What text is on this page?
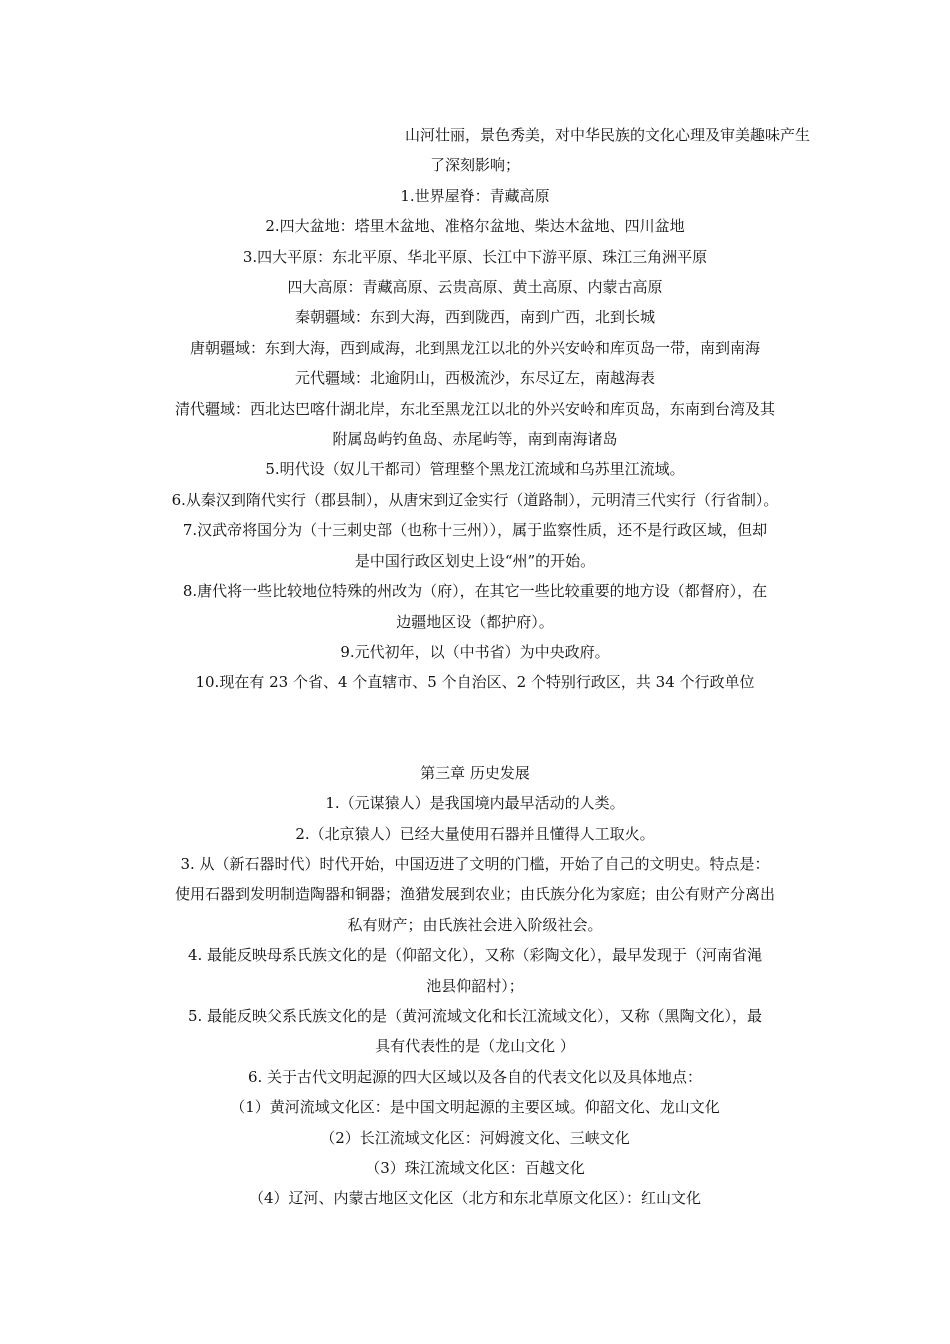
山河壮丽，景色秀美，对中华民族的文化心理及审美趣味产生
了深刻影响；
1.世界屋脊：青藏高原
2.四大盆地：塔里木盆地、准格尔盆地、柴达木盆地、四川盆地
3.四大平原：东北平原、华北平原、长江中下游平原、珠江三角洲平原
四大高原：青藏高原、云贵高原、黄土高原、内蒙古高原
秦朝疆域：东到大海，西到陇西，南到广西，北到长城
唐朝疆域：东到大海，西到咸海，北到黑龙江以北的外兴安岭和库页岛一带，南到南海
元代疆域：北逾阴山，西极流沙，东尽辽左，南越海表
清代疆域：西北达巴喀什湖北岸，东北至黑龙江以北的外兴安岭和库页岛，东南到台湾及其
附属岛屿钓鱼岛、赤尾屿等，南到南海诸岛
5.明代设（奴儿干都司）管理整个黑龙江流域和乌苏里江流域。
6.从秦汉到隋代实行（郡县制），从唐宋到辽金实行（道路制），元明清三代实行（行省制）。
7.汉武帝将国分为（十三刺史部（也称十三州）），属于监察性质，还不是行政区域，但却
是中国行政区划史上设“州”的开始。
8.唐代将一些比较地位特殊的州改为（府），在其它一些比较重要的地方设（都督府），在
边疆地区设（都护府）。
9.元代初年，以（中书省）为中央政府。
10.现在有 23 个省、4 个直辖市、5 个自治区、2 个特别行政区，共 34 个行政单位
第三章 历史发展
1.（元谋猿人）是我国境内最早活动的人类。
2.（北京猿人）已经大量使用石器并且懂得人工取火。
3. 从（新石器时代）时代开始，中国迈进了文明的门槛，开始了自己的文明史。特点是：
使用石器到发明制造陶器和铜器；渔猎发展到农业；由氏族分化为家庭；由公有财产分离出
私有财产；由氏族社会进入阶级社会。
4. 最能反映母系氏族文化的是（仰韶文化），又称（彩陶文化），最早发现于（河南省渑
池县仰韶村）；
5. 最能反映父系氏族文化的是（黄河流域文化和长江流域文化），又称（黑陶文化），最
具有代表性的是（龙山文化 ）
6. 关于古代文明起源的四大区域以及各自的代表文化以及具体地点：
（1）黄河流域文化区：是中国文明起源的主要区域。仰韶文化、龙山文化
（2）长江流域文化区：河姆渡文化、三峡文化
（3）珠江流域文化区：百越文化
（4）辽河、内蒙古地区文化区（北方和东北草原文化区）：红山文化
